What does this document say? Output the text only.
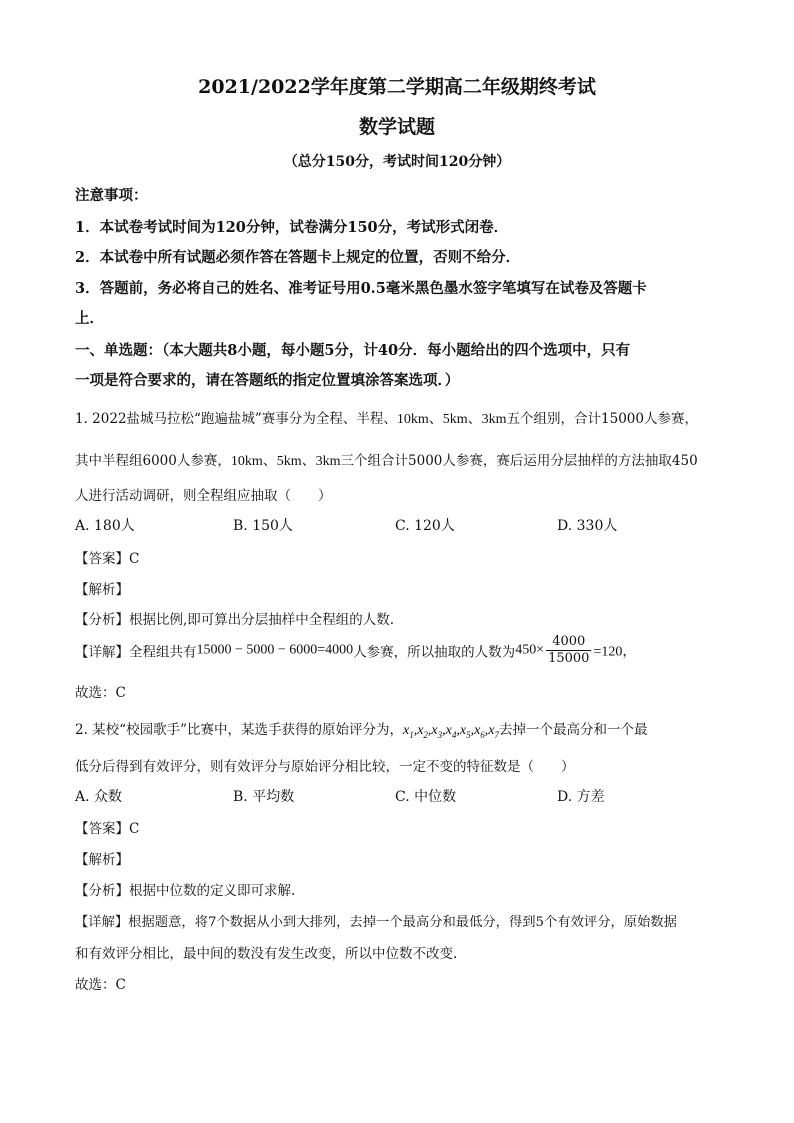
2021/2022学年度第二学期高二年级期终考试
数学试题
（总分150分，考试时间120分钟）
注意事项：
1．本试卷考试时间为120分钟，试卷满分150分，考试形式闭卷．
2．本试卷中所有试题必须作答在答题卡上规定的位置，否则不给分．
3．答题前，务必将自己的姓名、准考证号用0.5毫米黑色墨水签字笔填写在试卷及答题卡
上．
一、单选题：（本大题共8小题，每小题5分，计40分．每小题给出的四个选项中，只有
一项是符合要求的，请在答题纸的指定位置填涂答案选项．）
1. 2022盐城马拉松“跑遍盐城”赛事分为全程、半程、10km、5km、3km五个组别，合计15000人参赛，
其中半程组6000人参赛，10km、5km、3km三个组合计5000人参赛，赛后运用分层抽样的方法抽取450
人进行活动调研，则全程组应抽取（　　）
A. 180人	B. 150人	C. 120人	D. 330人
【答案】C
【解析】
【分析】根据比例,即可算出分层抽样中全程组的人数.
【详解】全程组共有15000 − 5000 − 6000=4000人参赛，所以抽取的人数为$450\times \frac{4000}{15000} =120$，
故选：C
2. 某校“校园歌手”比赛中，某选手获得的原始评分为，$x_1,x_2,x_3,x_4,x_5,x_6,x_7$去掉一个最高分和一个最
低分后得到有效评分，则有效评分与原始评分相比较，一定不变的特征数是（　　）
A. 众数	B. 平均数	C. 中位数	D. 方差
【答案】C
【解析】
【分析】根据中位数的定义即可求解.
【详解】根据题意，将7个数据从小到大排列，去掉一个最高分和最低分，得到5个有效评分，原始数据
和有效评分相比，最中间的数没有发生改变，所以中位数不改变.
故选：C
